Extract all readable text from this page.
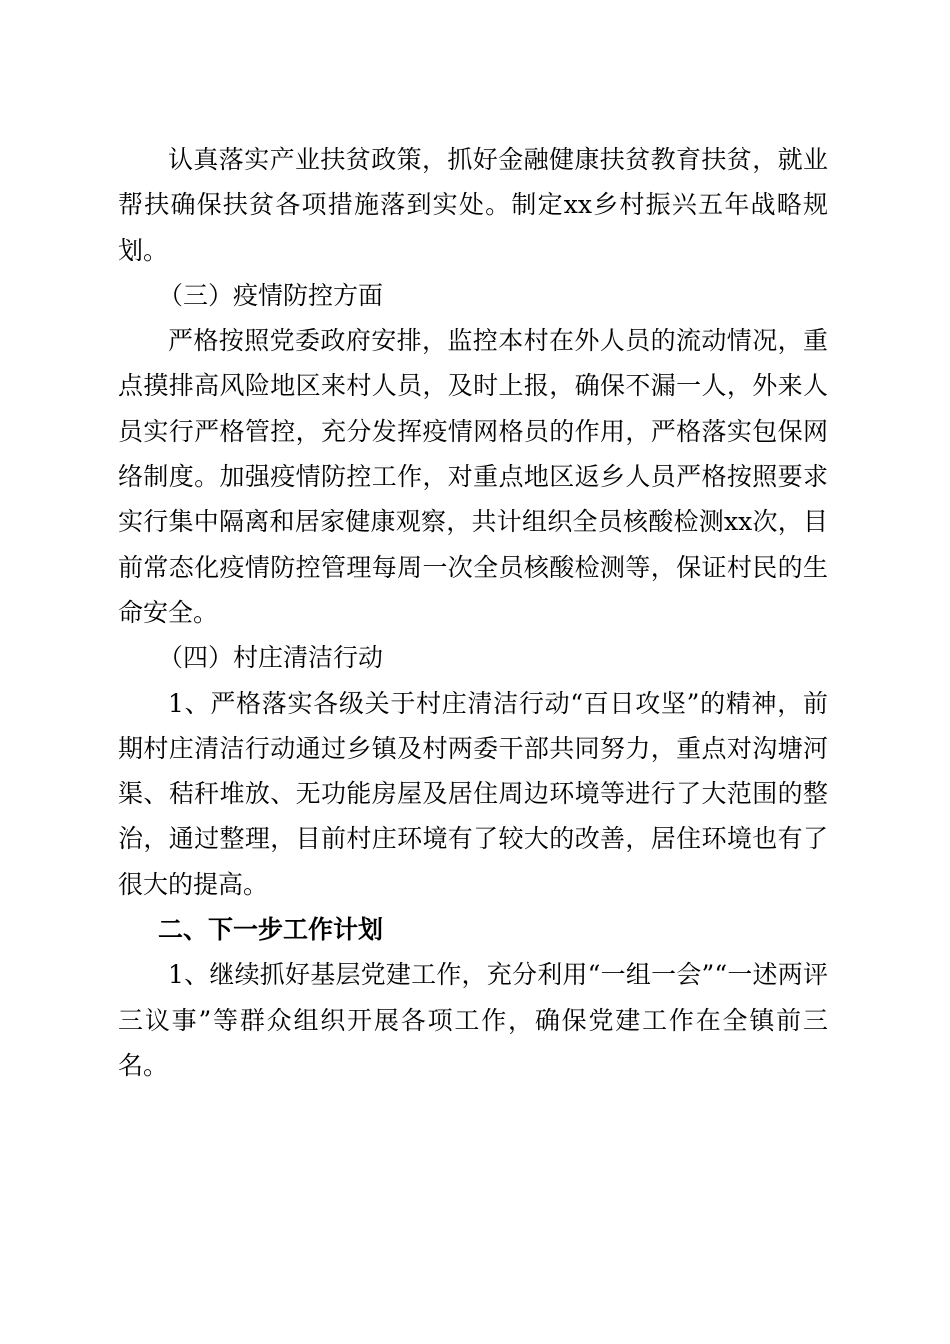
认真落实产业扶贫政策，抓好金融健康扶贫教育扶贫，就业帮扶确保扶贫各项措施落到实处。制定xx乡村振兴五年战略规划。

（三）疫情防控方面

严格按照党委政府安排，监控本村在外人员的流动情况，重点摸排高风险地区来村人员，及时上报，确保不漏一人，外来人员实行严格管控，充分发挥疫情网格员的作用，严格落实包保网络制度。加强疫情防控工作，对重点地区返乡人员严格按照要求实行集中隔离和居家健康观察，共计组织全员核酸检测xx次，目前常态化疫情防控管理每周一次全员核酸检测等，保证村民的生命安全。

（四）村庄清洁行动

1、严格落实各级关于村庄清洁行动“百日攻坚”的精神，前期村庄清洁行动通过乡镇及村两委干部共同努力，重点对沟塘河渠、秸秆堆放、无功能房屋及居住周边环境等进行了大范围的整治，通过整理，目前村庄环境有了较大的改善，居住环境也有了很大的提高。

二、下一步工作计划

1、继续抓好基层党建工作，充分利用“一组一会”“一述两评三议事”等群众组织开展各项工作，确保党建工作在全镇前三名。
